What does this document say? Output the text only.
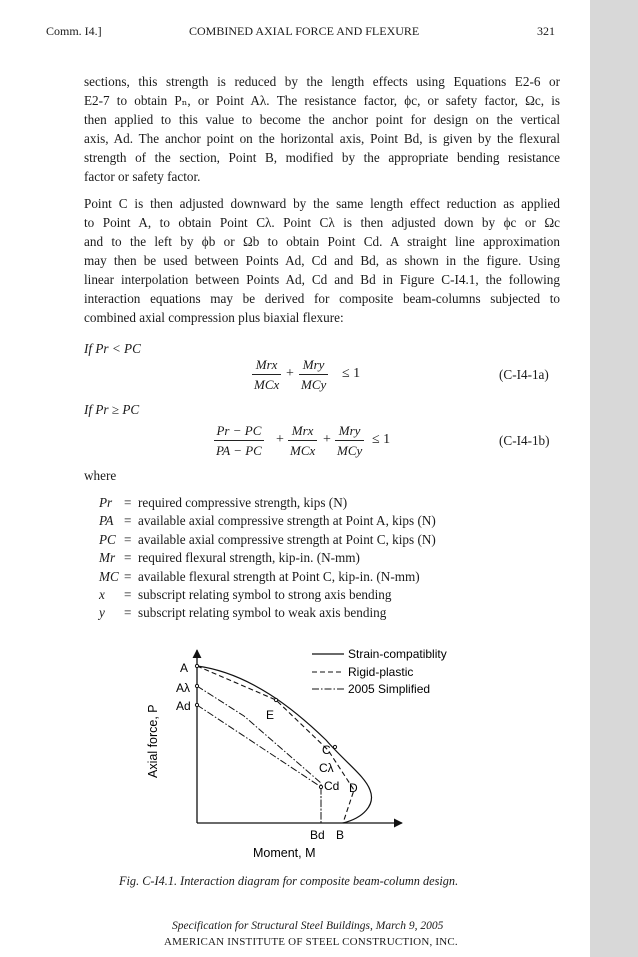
Comm. I4.]	COMBINED AXIAL FORCE AND FLEXURE	321
sections, this strength is reduced by the length effects using Equations E2-6 or
E2-7 to obtain Pₙ, or Point Aλ. The resistance factor, ϕc, or safety factor, Ωc, is
then applied to this value to become the anchor point for design on the vertical
axis, Ad. The anchor point on the horizontal axis, Point Bd, is given by the flexural
strength of the section, Point B, modified by the appropriate bending resistance
factor or safety factor.
Point C is then adjusted downward by the same length effect reduction as applied
to Point A, to obtain Point Cλ. Point Cλ is then adjusted down by ϕc or Ωc
and to the left by ϕb or Ωb to obtain Point Cd. A straight line approximation
may then be used between Points Ad, Cd and Bd, as shown in the figure. Using
linear interpolation between Points Ad, Cd and Bd in Figure C-I4.1, the following
interaction equations may be derived for composite beam-columns subjected to
combined axial compression plus biaxial flexure:
If Pr < PC
Mrx
MCx
+
Mry
MCy
≤ 1	(C-I4-1a)
If Pr ≥ PC
$\frac{Pr - PC}{PA - PC}$ +
Mrx
MCx
+
Mry
MCy
≤ 1	(C-I4-1b)
where
Pr = required compressive strength, kips (N)
PA = available axial compressive strength at Point A, kips (N)
PC = available axial compressive strength at Point C, kips (N)
Mr = required flexural strength, kip-in. (N-mm)
MC = available flexural strength at Point C, kip-in. (N-mm)
x = subscript relating symbol to strong axis bending
y = subscript relating symbol to weak axis bending
A
Aλ
Ad
E
C
Cλ
Cd D
Bd B
Axial force, P
Moment, M
Strain-compatiblity
Rigid-plastic
2005 Simplified
Fig. C-I4.1. Interaction diagram for composite beam-column design.
Specification for Structural Steel Buildings, March 9, 2005
AMERICAN INSTITUTE OF STEEL CONSTRUCTION, INC.
